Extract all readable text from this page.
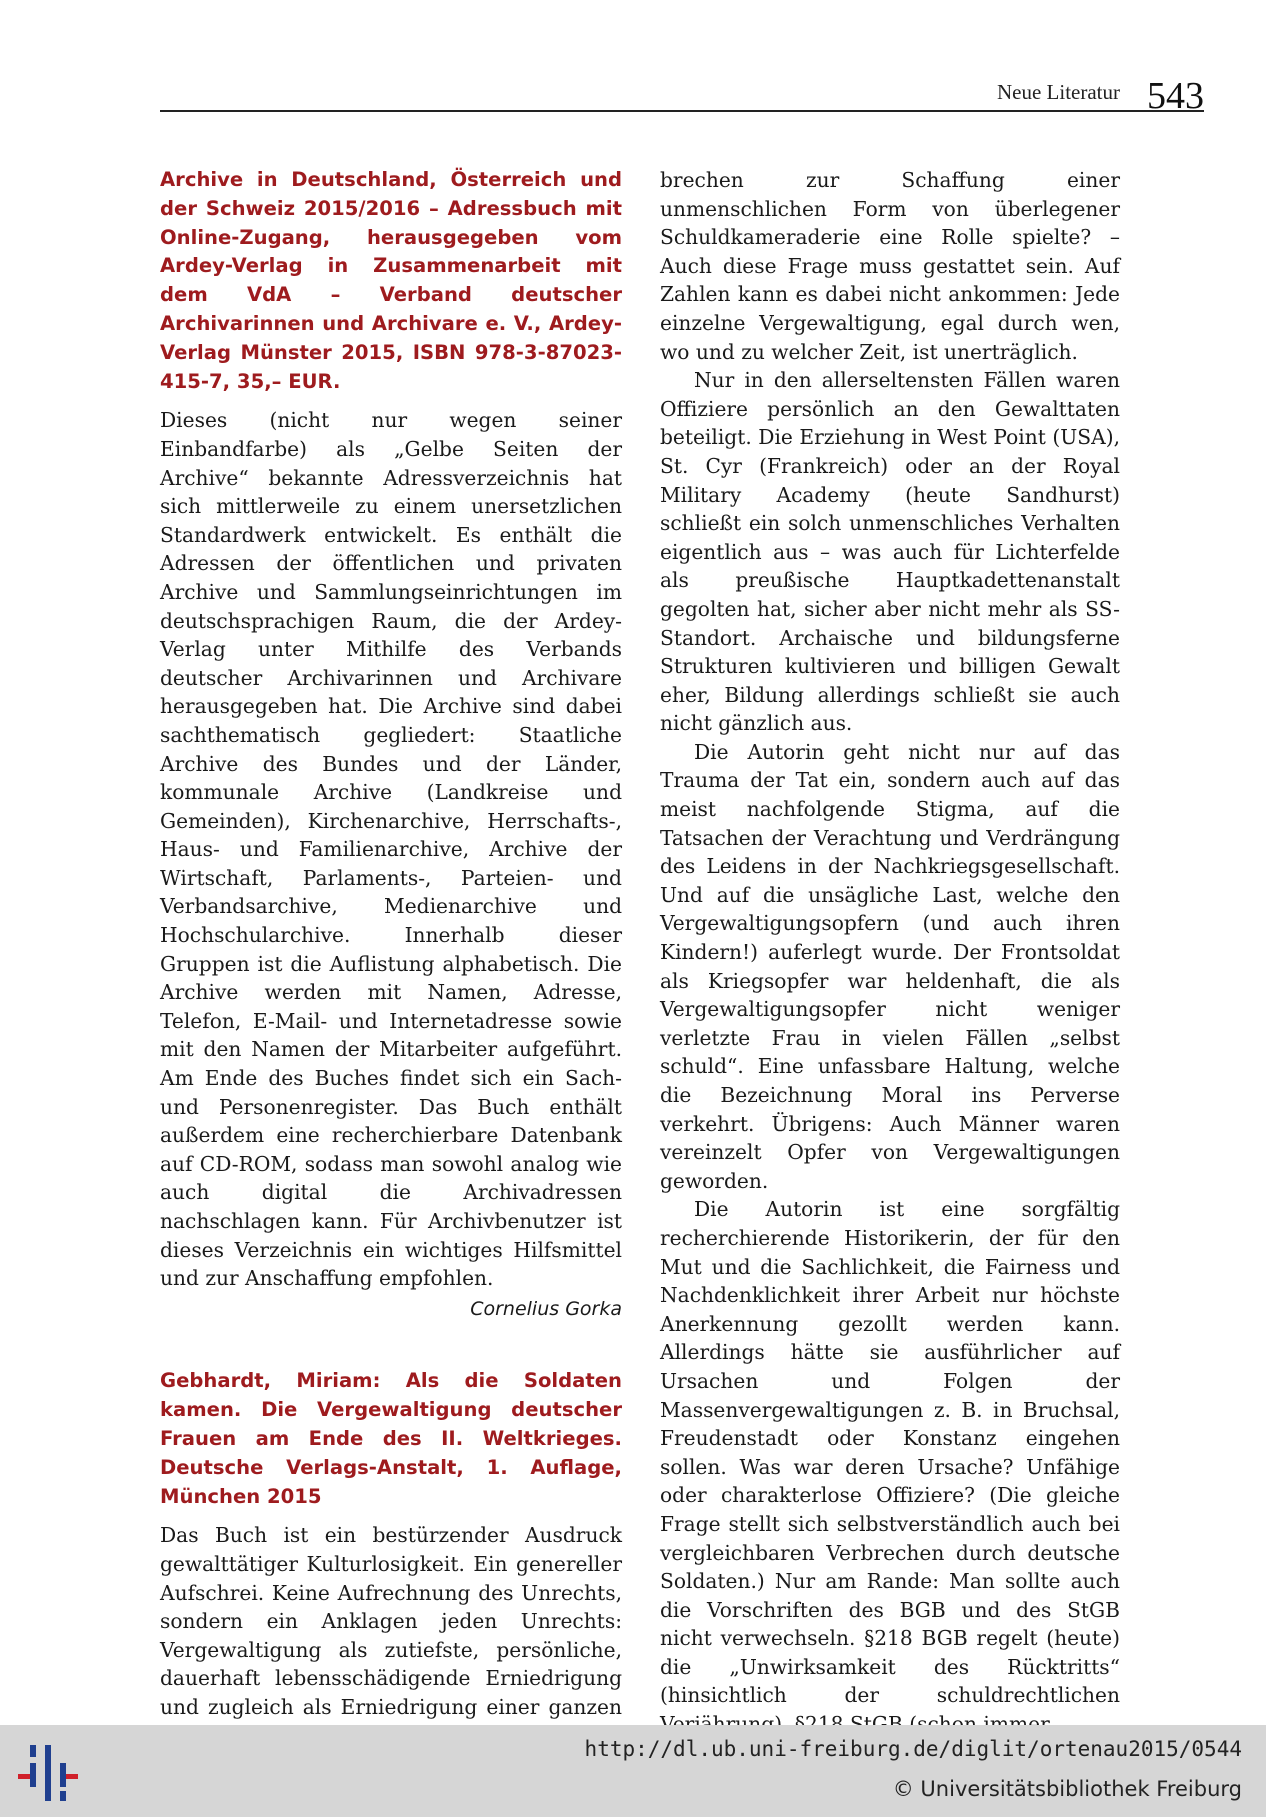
Neue Literatur 543
Archive in Deutschland, Österreich und der Schweiz 2015/2016 – Adressbuch mit Online-Zugang, herausgegeben vom Ardey-Verlag in Zusammenarbeit mit dem VdA – Verband deutscher Archivarinnen und Archivare e. V., Ardey-Verlag Münster 2015, ISBN 978-3-87023-415-7, 35,– EUR.

Dieses (nicht nur wegen seiner Einbandfarbe) als „Gelbe Seiten der Archive“ bekannte Adressverzeichnis hat sich mittlerweile zu einem unersetzlichen Standardwerk entwickelt. Es enthält die Adressen der öffentlichen und privaten Archive und Sammlungseinrichtungen im deutschsprachigen Raum, die der Ardey-Verlag unter Mithilfe des Verbands deutscher Archivarinnen und Archivare herausgegeben hat. Die Archive sind dabei sachthematisch gegliedert: Staatliche Archive des Bundes und der Länder, kommunale Archive (Landkreise und Gemeinden), Kirchenarchive, Herrschafts-, Haus- und Familienarchive, Archive der Wirtschaft, Parlaments-, Parteien- und Verbandsarchive, Medienarchive und Hochschularchive. Innerhalb dieser Gruppen ist die Auflistung alphabetisch. Die Archive werden mit Namen, Adresse, Telefon, E-Mail- und Internetadresse sowie mit den Namen der Mitarbeiter aufgeführt. Am Ende des Buches findet sich ein Sach- und Personenregister. Das Buch enthält außerdem eine recherchierbare Datenbank auf CD-ROM, sodass man sowohl analog wie auch digital die Archivadressen nachschlagen kann. Für Archivbenutzer ist dieses Verzeichnis ein wichtiges Hilfsmittel und zur Anschaffung empfohlen.

Cornelius Gorka
Gebhardt, Miriam: Als die Soldaten kamen. Die Vergewaltigung deutscher Frauen am Ende des II. Weltkrieges. Deutsche Verlags-Anstalt, 1. Auflage, München 2015

Das Buch ist ein bestürzender Ausdruck gewalttätiger Kulturlosigkeit. Ein genereller Aufschrei. Keine Aufrechnung des Unrechts, sondern ein Anklagen jeden Unrechts: Vergewaltigung als zutiefste, persönliche, dauerhaft lebensschädigende Erniedrigung und zugleich als Erniedrigung einer ganzen

brechen zur Schaffung einer unmenschlichen Form von überlegener Schuldkameraderie eine Rolle spielte? – Auch diese Frage muss gestattet sein. Auf Zahlen kann es dabei nicht ankommen: Jede einzelne Vergewaltigung, egal durch wen, wo und zu welcher Zeit, ist unerträglich.

Nur in den allerseltensten Fällen waren Offiziere persönlich an den Gewalttaten beteiligt. Die Erziehung in West Point (USA), St. Cyr (Frankreich) oder an der Royal Military Academy (heute Sandhurst) schließt ein solch unmenschliches Verhalten eigentlich aus – was auch für Lichterfelde als preußische Hauptkadettenanstalt gegolten hat, sicher aber nicht mehr als SS-Standort. Archaische und bildungsferne Strukturen kultivieren und billigen Gewalt eher, Bildung allerdings schließt sie auch nicht gänzlich aus.

Die Autorin geht nicht nur auf das Trauma der Tat ein, sondern auch auf das meist nachfolgende Stigma, auf die Tatsachen der Verachtung und Verdrängung des Leidens in der Nachkriegsgesellschaft. Und auf die unsägliche Last, welche den Vergewaltigungsopfern (und auch ihren Kindern!) auferlegt wurde. Der Frontsoldat als Kriegsopfer war heldenhaft, die als Vergewaltigungsopfer nicht weniger verletzte Frau in vielen Fällen „selbst schuld“. Eine unfassbare Haltung, welche die Bezeichnung Moral ins Perverse verkehrt. Übrigens: Auch Männer waren vereinzelt Opfer von Vergewaltigungen geworden.

Die Autorin ist eine sorgfältig recherchierende Historikerin, der für den Mut und die Sachlichkeit, die Fairness und Nachdenklichkeit ihrer Arbeit nur höchste Anerkennung gezollt werden kann. Allerdings hätte sie ausführlicher auf Ursachen und Folgen der Massenvergewaltigungen z. B. in Bruchsal, Freudenstadt oder Konstanz eingehen sollen. Was war deren Ursache? Unfähige oder charakterlose Offiziere? (Die gleiche Frage stellt sich selbstverständlich auch bei vergleichbaren Verbrechen durch deutsche Soldaten.) Nur am Rande: Man sollte auch die Vorschriften des BGB und des StGB nicht verwechseln. §218 BGB regelt (heute) die „Unwirksamkeit des Rücktritts“ (hinsichtlich der schuldrechtlichen

http://dl.ub.uni-freiburg.de/diglit/ortenau2015/0544
© Universitätsbibliothek Freiburg
